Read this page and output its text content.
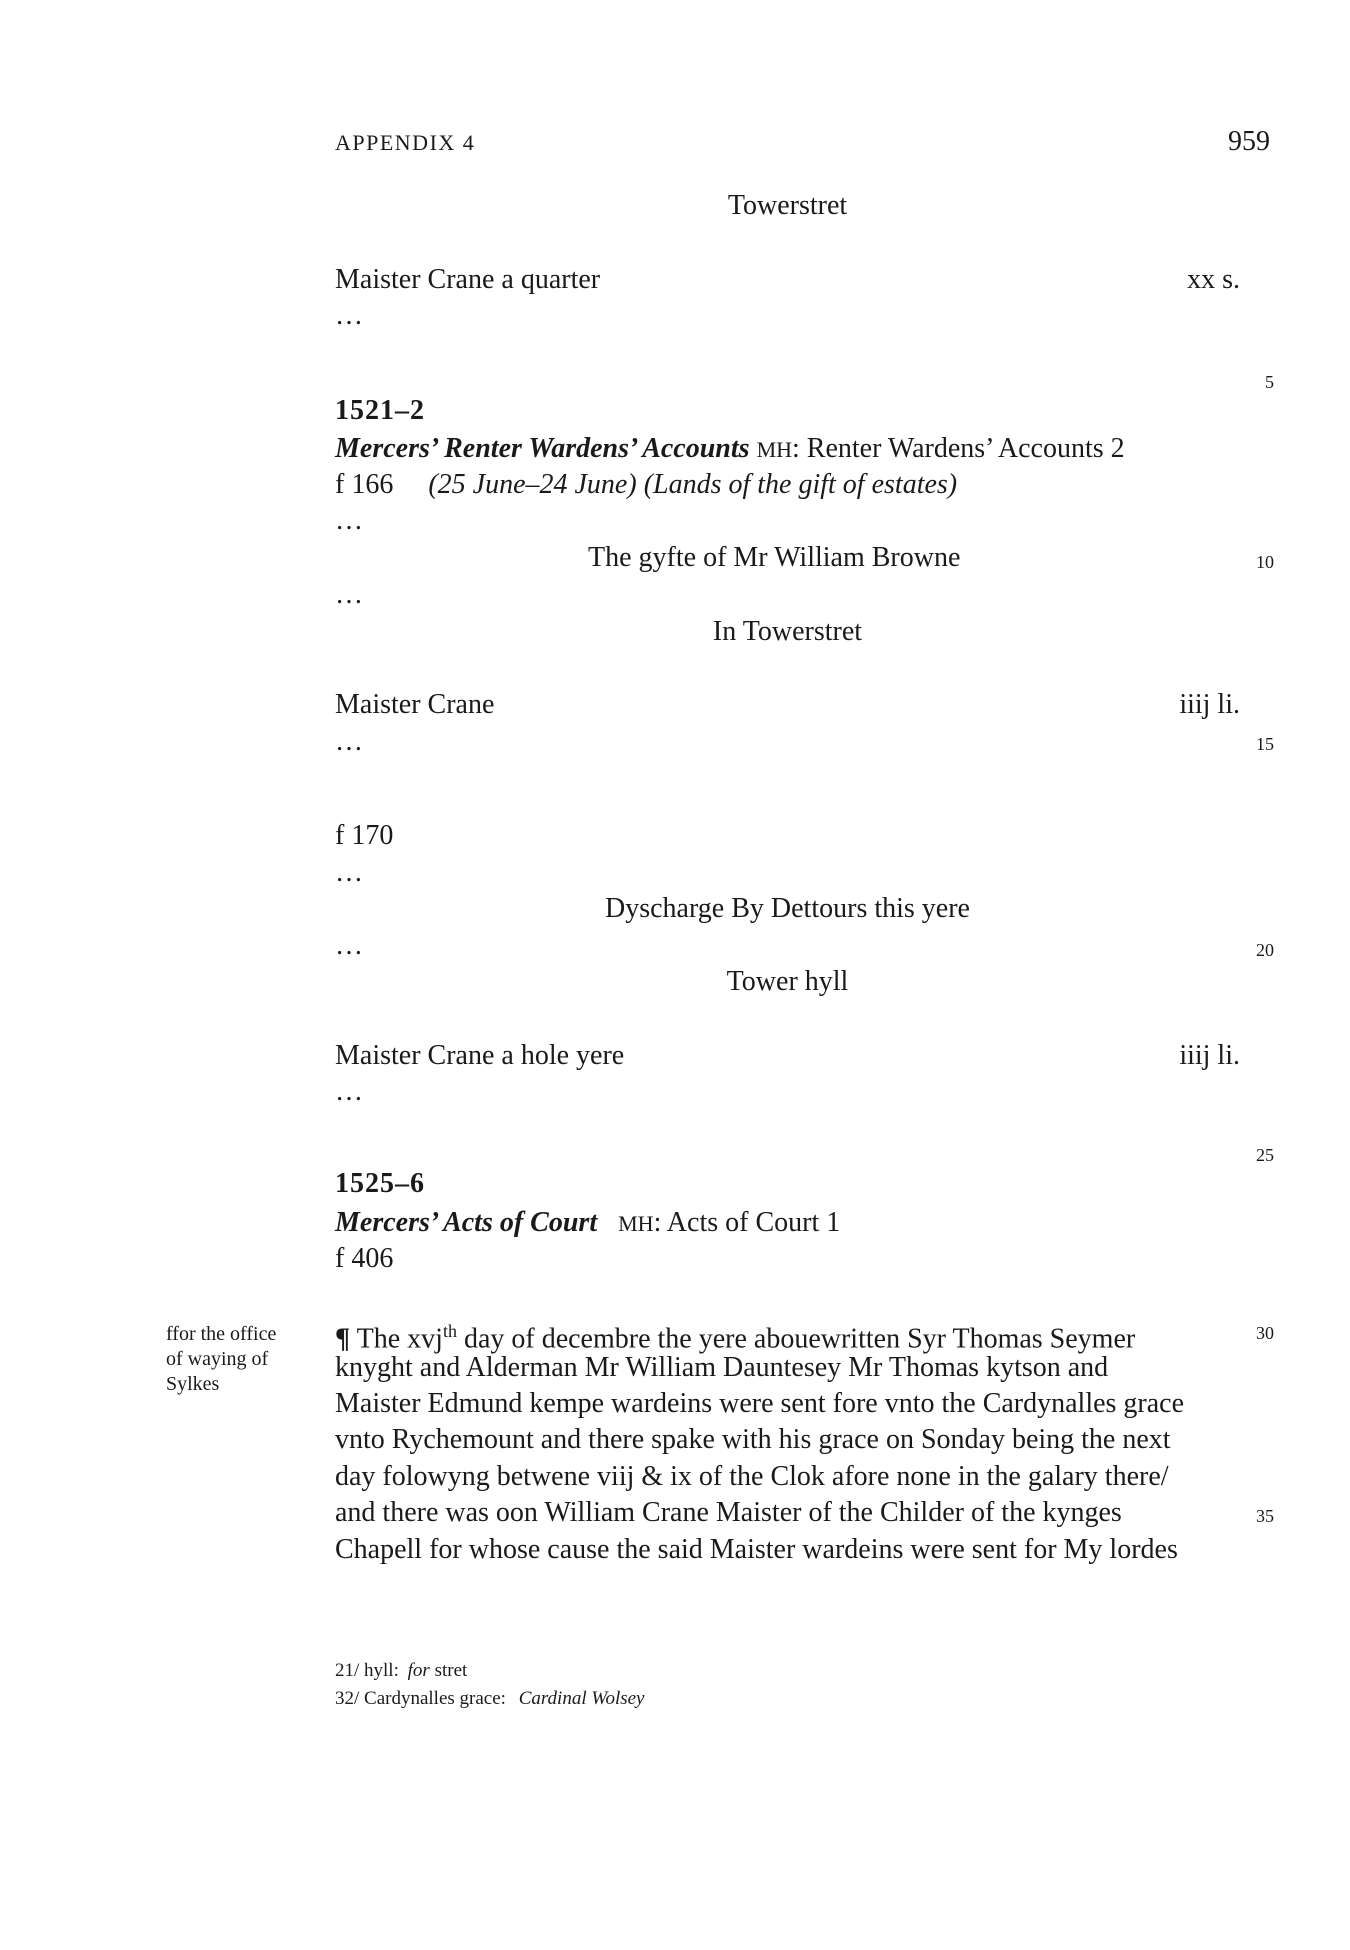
APPENDIX 4	959
Towerstret
Maister Crane a quarter	xx s.
…
5
1521–2
Mercers’ Renter Wardens’ Accounts MH: Renter Wardens’ Accounts 2
f 166 (25 June–24 June) (Lands of the gift of estates)
…
The gyfte of Mr William Browne	10
…
In Towerstret
Maister Crane	iiij li.
…	15
f 170
…
Dyscharge By Dettours this yere
…	20
Tower hyll
Maister Crane a hole yere	iiij li.
…
25
1525–6
Mercers’ Acts of Court MH: Acts of Court 1
f 406
ffor the office
of waying of
Sylkes
¶ The xvj$^{th}$ day of decembre the yere abouewritten Syr Thomas Seymer	30
knyght and Alderman Mr William Dauntesey Mr Thomas kytson and
Maister Edmund kempe wardeins were sent fore vnto the Cardynalles grace
vnto Rychemount and there spake with his grace on Sonday being the next
day folowyng betwene viij & ix of the Clok afore none in the galary there/
and there was oon William Crane Maister of the Childer of the kynges	35
Chapell for whose cause the said Maister wardeins were sent for My lordes
21/ hyll: for stret
32/ Cardynalles grace: Cardinal Wolsey
